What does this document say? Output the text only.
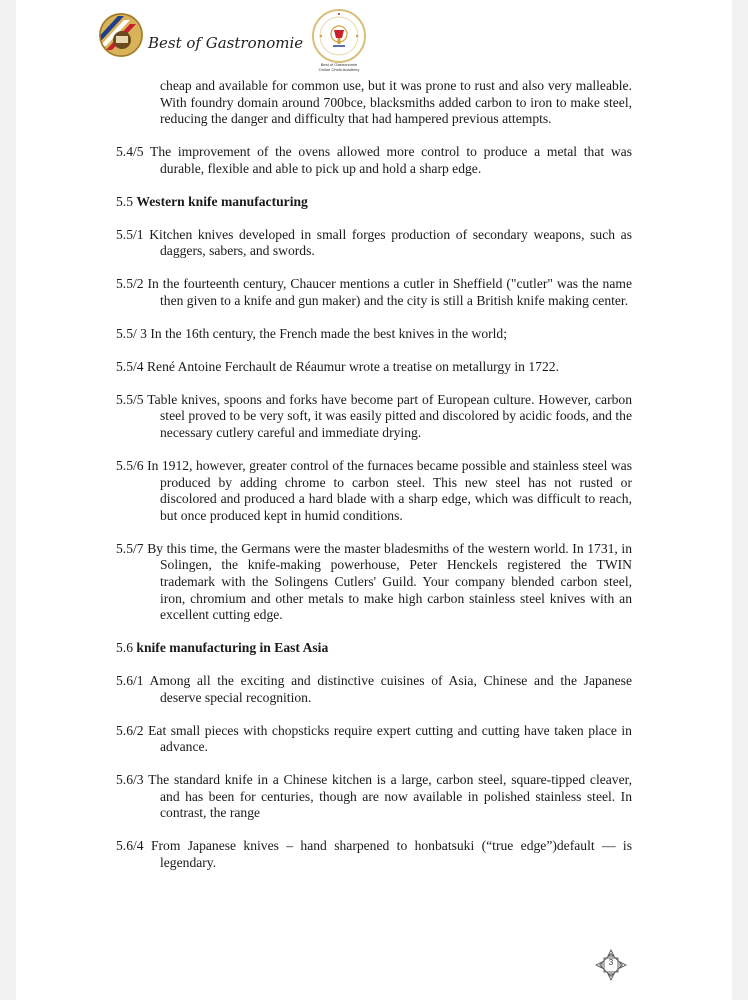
Best of Gastronomie
Best of Gastronomie
Online Chefs Academy

cheap and available for common use, but it was prone to rust and also very malleable. With foundry domain around 700bce, blacksmiths added carbon to iron to make steel, reducing the danger and difficulty that had hampered previous attempts.

5.4/5 The improvement of the ovens allowed more control to produce a metal that was durable, flexible and able to pick up and hold a sharp edge.

5.5 Western knife manufacturing

5.5/1 Kitchen knives developed in small forges production of secondary weapons, such as daggers, sabers, and swords.

5.5/2 In the fourteenth century, Chaucer mentions a cutler in Sheffield ("cutler" was the name then given to a knife and gun maker) and the city is still a British knife making center.

5.5/ 3 In the 16th century, the French made the best knives in the world;

5.5/4 René Antoine Ferchault de Réaumur wrote a treatise on metallurgy in 1722.

5.5/5 Table knives, spoons and forks have become part of European culture. However, carbon steel proved to be very soft, it was easily pitted and discolored by acidic foods, and the necessary cutlery careful and immediate drying.

5.5/6 In 1912, however, greater control of the furnaces became possible and stainless steel was produced by adding chrome to carbon steel. This new steel has not rusted or discolored and produced a hard blade with a sharp edge, which was difficult to reach, but once produced kept in humid conditions.

5.5/7 By this time, the Germans were the master bladesmiths of the western world. In 1731, in Solingen, the knife-making powerhouse, Peter Henckels registered the TWIN trademark with the Solingens Cutlers' Guild. Your company blended carbon steel, iron, chromium and other metals to make high carbon stainless steel knives with an excellent cutting edge.

5.6 knife manufacturing in East Asia

5.6/1 Among all the exciting and distinctive cuisines of Asia, Chinese and the Japanese deserve special recognition.

5.6/2 Eat small pieces with chopsticks require expert cutting and cutting have taken place in advance.

5.6/3 The standard knife in a Chinese kitchen is a large, carbon steel, square-tipped cleaver, and has been for centuries, though are now available in polished stainless steel. In contrast, the range

5.6/4 From Japanese knives – hand sharpened to honbatsuki (“true edge”)default — is legendary.

3
